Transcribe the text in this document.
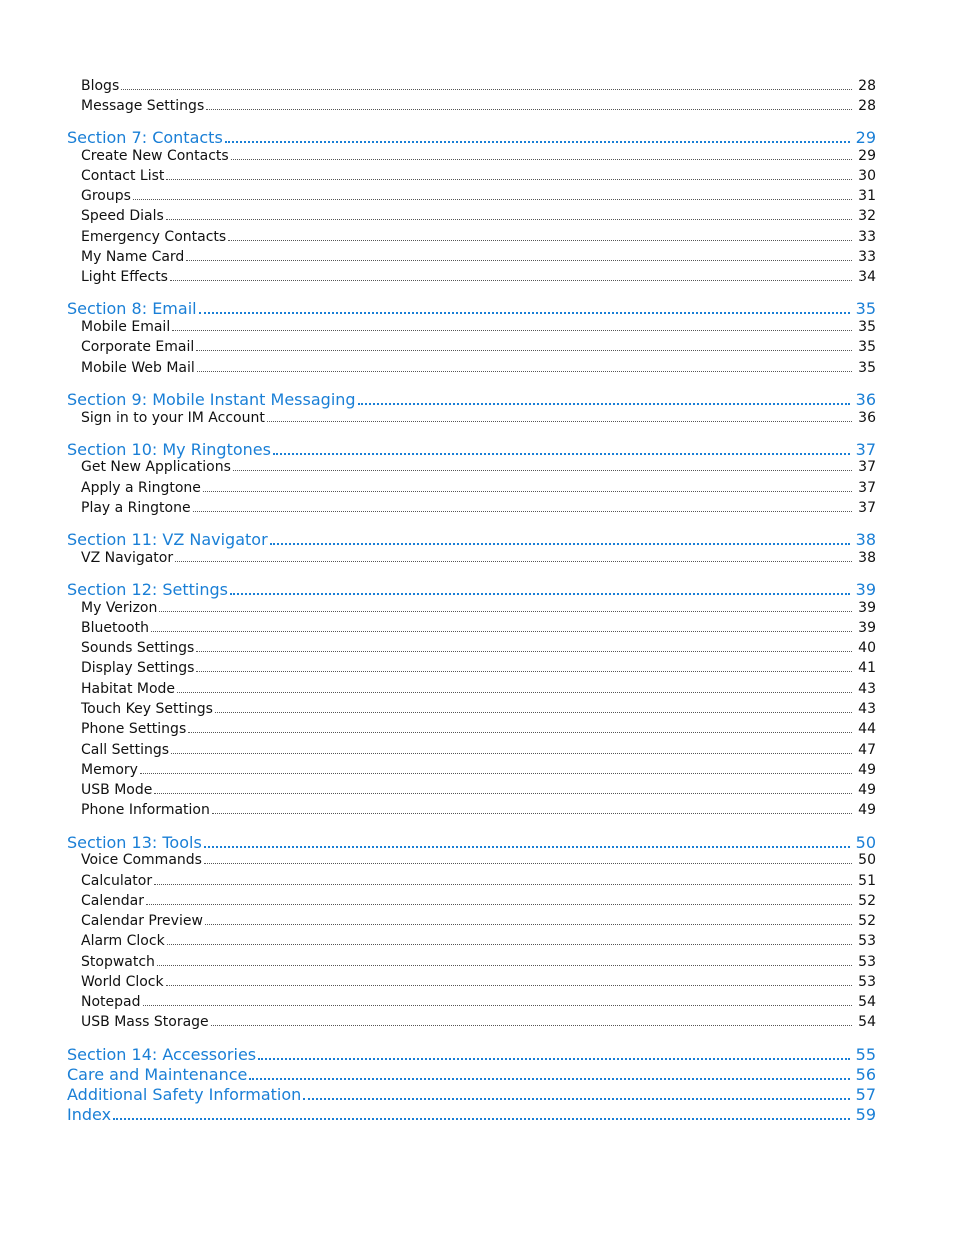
Blogs	28
Message Settings	28
Section 7: Contacts	29
Create New Contacts	29
Contact List	30
Groups	31
Speed Dials	32
Emergency Contacts	33
My Name Card	33
Light Effects	34
Section 8: Email	35
Mobile Email	35
Corporate Email	35
Mobile Web Mail	35
Section 9: Mobile Instant Messaging	36
Sign in to your IM Account	36
Section 10: My Ringtones	37
Get New Applications	37
Apply a Ringtone	37
Play a Ringtone	37
Section 11: VZ Navigator	38
VZ Navigator	38
Section 12: Settings	39
My Verizon	39
Bluetooth	39
Sounds Settings	40
Display Settings	41
Habitat Mode	43
Touch Key Settings	43
Phone Settings	44
Call Settings	47
Memory	49
USB Mode	49
Phone Information	49
Section 13: Tools	50
Voice Commands	50
Calculator	51
Calendar	52
Calendar Preview	52
Alarm Clock	53
Stopwatch	53
World Clock	53
Notepad	54
USB Mass Storage	54
Section 14: Accessories	55
Care and Maintenance	56
Additional Safety Information	57
Index	59
